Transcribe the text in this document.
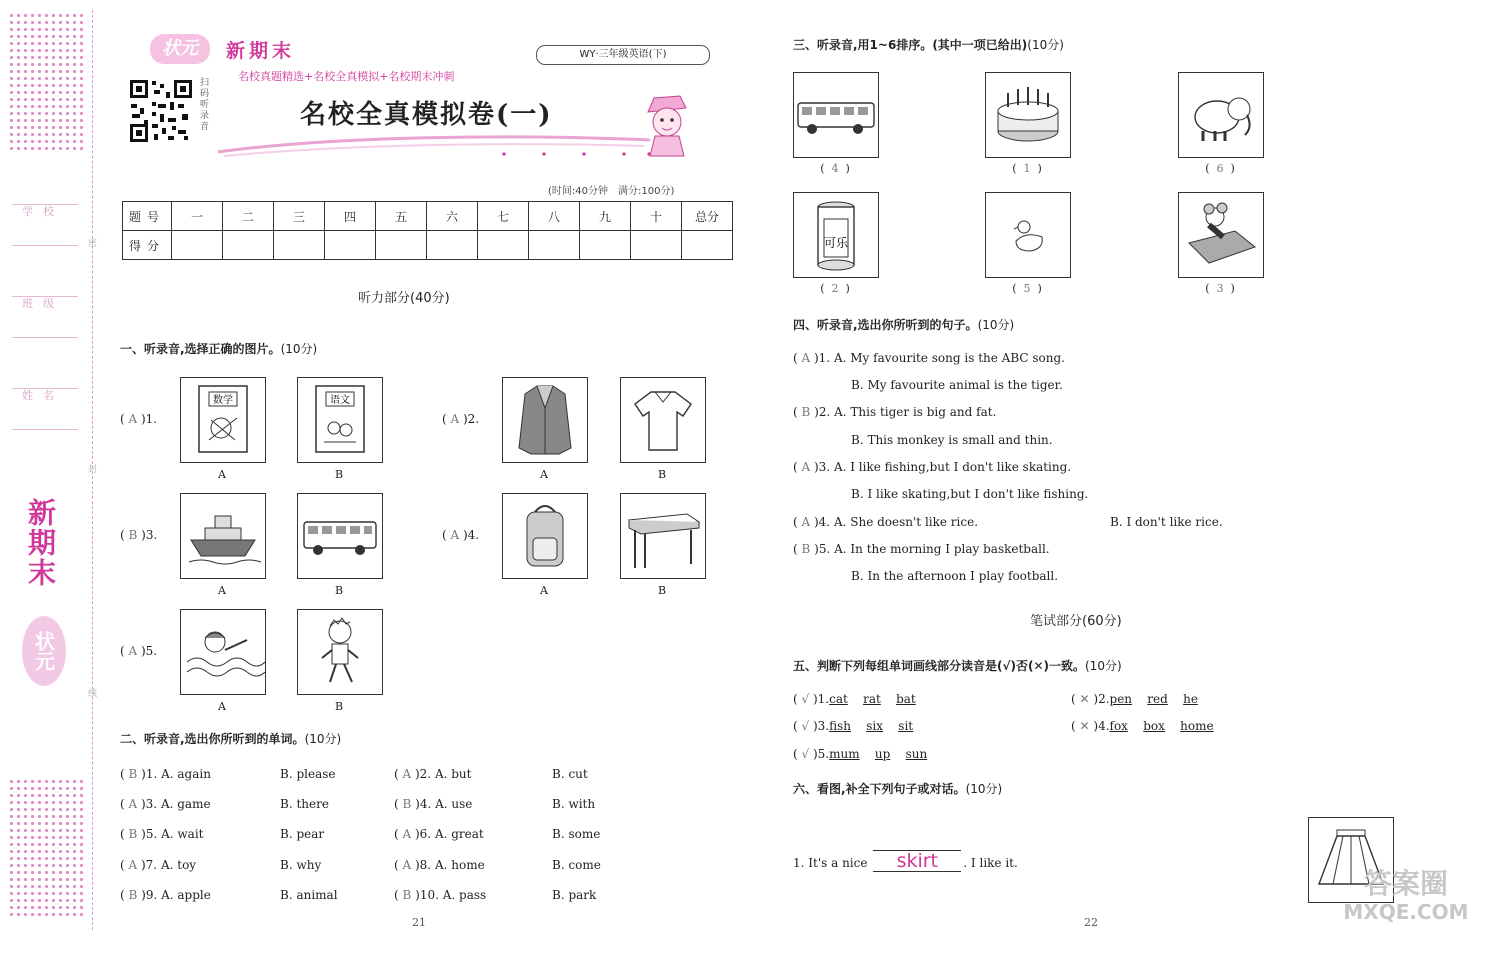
学校
班级
姓名
密
封
线
新期末
状元
状元	新期末
名校真题精选+名校全真模拟+名校期末冲刺
扫码听录音
WY·三年级英语(下)
名校全真模拟卷(一)
(时间:40分钟　满分:100分)
题号	一	二	三	四	五	六	七	八	九	十	总分
得分											
听力部分(40分)
一、听录音,选择正确的图片。(10分)
( A )1.
数学
A
语文
B
( A )2.
A	B
( B )3.
A	B
( A )4.
A	B
( A )5.
A	B
二、听录音,选出你所听到的单词。(10分)
( B )1. A. again	B. please	( A )2. A. but	B. cut
( A )3. A. game	B. there	( B )4. A. use	B. with
( B )5. A. wait	B. pear	( A )6. A. great	B. some
( A )7. A. toy	B. why	( A )8. A. home	B. come
( B )9. A. apple	B. animal	( B )10. A. pass	B. park
21
三、听录音,用1~6排序。(其中一项已给出)(10分)
(  4  )	(  1  )	(  6  )
可乐
(  2  )	(  5  )	(  3  )
四、听录音,选出你所听到的句子。(10分)
( A )1. A. My favourite song is the ABC song.
B. My favourite animal is the tiger.
( B )2. A. This tiger is big and fat.
B. This monkey is small and thin.
( A )3. A. I like fishing,but I don't like skating.
B. I like skating,but I don't like fishing.
( A )4. A. She doesn't like rice.	B. I don't like rice.
( B )5. A. In the morning I play basketball.
B. In the afternoon I play football.
笔试部分(60分)
五、判断下列每组单词画线部分读音是(√)否(✕)一致。(10分)
( √ )1.cat rat bat	( ✕ )2.pen red he
( √ )3.fish six sit	( ✕ )4.fox box home
( √ )5.mum up sun
六、看图,补全下列句子或对话。(10分)
1. It's a nice skirt . I like it.
22
答案圈
MXQE.COM
